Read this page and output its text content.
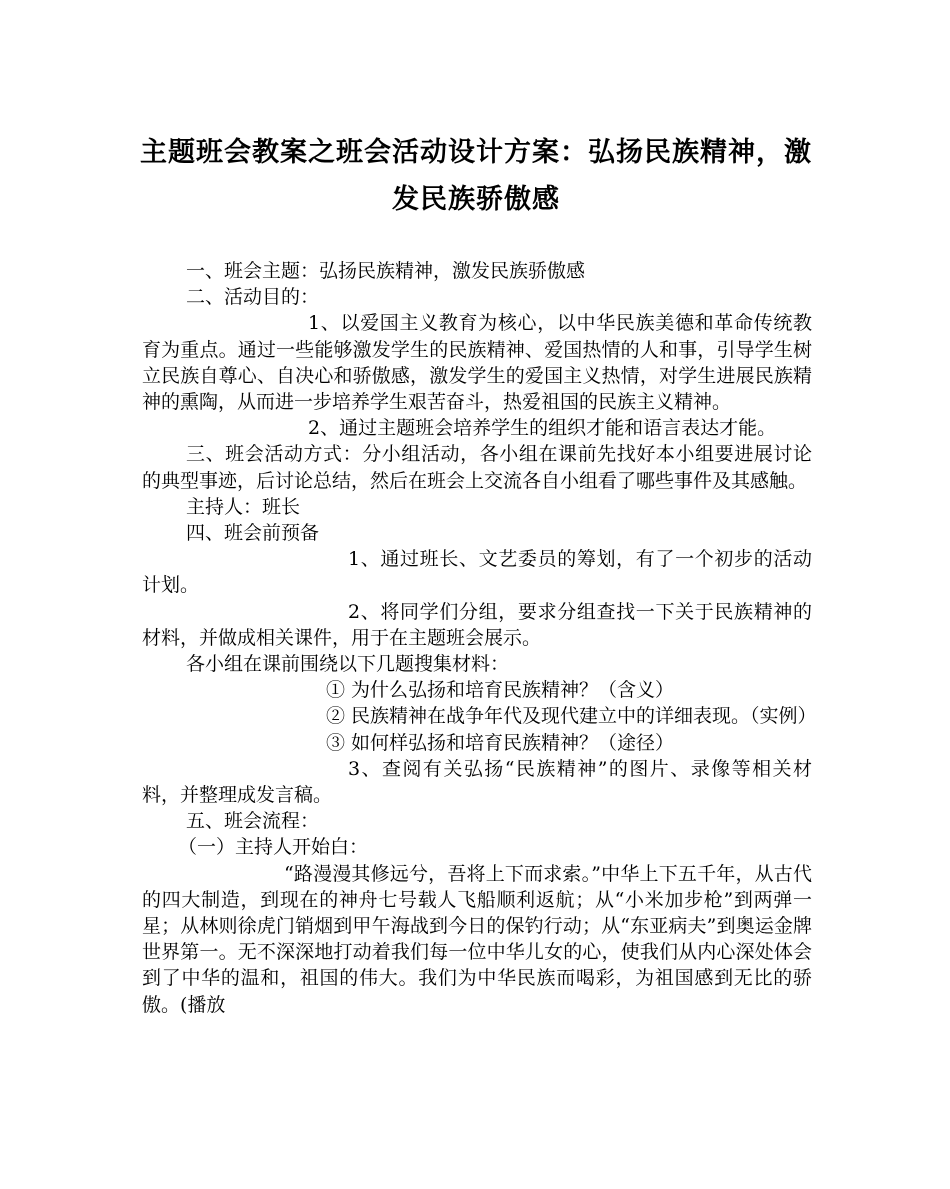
主题班会教案之班会活动设计方案：弘扬民族精神，激
发民族骄傲感

一、班会主题：弘扬民族精神，激发民族骄傲感

二、活动目的：

1、以爱国主义教育为核心，以中华民族美德和革命传统教育为重点。通过一些能够激发学生的民族精神、爱国热情的人和事，引导学生树立民族自尊心、自决心和骄傲感，激发学生的爱国主义热情，对学生进展民族精神的熏陶，从而进一步培养学生艰苦奋斗，热爱祖国的民族主义精神。

2、通过主题班会培养学生的组织才能和语言表达才能。

三、班会活动方式：分小组活动，各小组在课前先找好本小组要进展讨论的典型事迹，后讨论总结，然后在班会上交流各自小组看了哪些事件及其感触。

主持人：班长

四、班会前预备

1、通过班长、文艺委员的筹划，有了一个初步的活动计划。

2、将同学们分组，要求分组查找一下关于民族精神的材料，并做成相关课件，用于在主题班会展示。

各小组在课前围绕以下几题搜集材料：

① 为什么弘扬和培育民族精神？（含义）

② 民族精神在战争年代及现代建立中的详细表现。（实例）

③ 如何样弘扬和培育民族精神？（途径）

3、查阅有关弘扬“民族精神”的图片、录像等相关材料，并整理成发言稿。

五、班会流程：

（一）主持人开始白：

“路漫漫其修远兮，吾将上下而求索。”中华上下五千年，从古代的四大制造，到现在的神舟七号载人飞船顺利返航；从“小米加步枪”到两弹一星；从林则徐虎门销烟到甲午海战到今日的保钓行动；从“东亚病夫”到奥运金牌世界第一。无不深深地打动着我们每一位中华儿女的心，使我们从内心深处体会到了中华的温和，祖国的伟大。我们为中华民族而喝彩，为祖国感到无比的骄傲。(播放
